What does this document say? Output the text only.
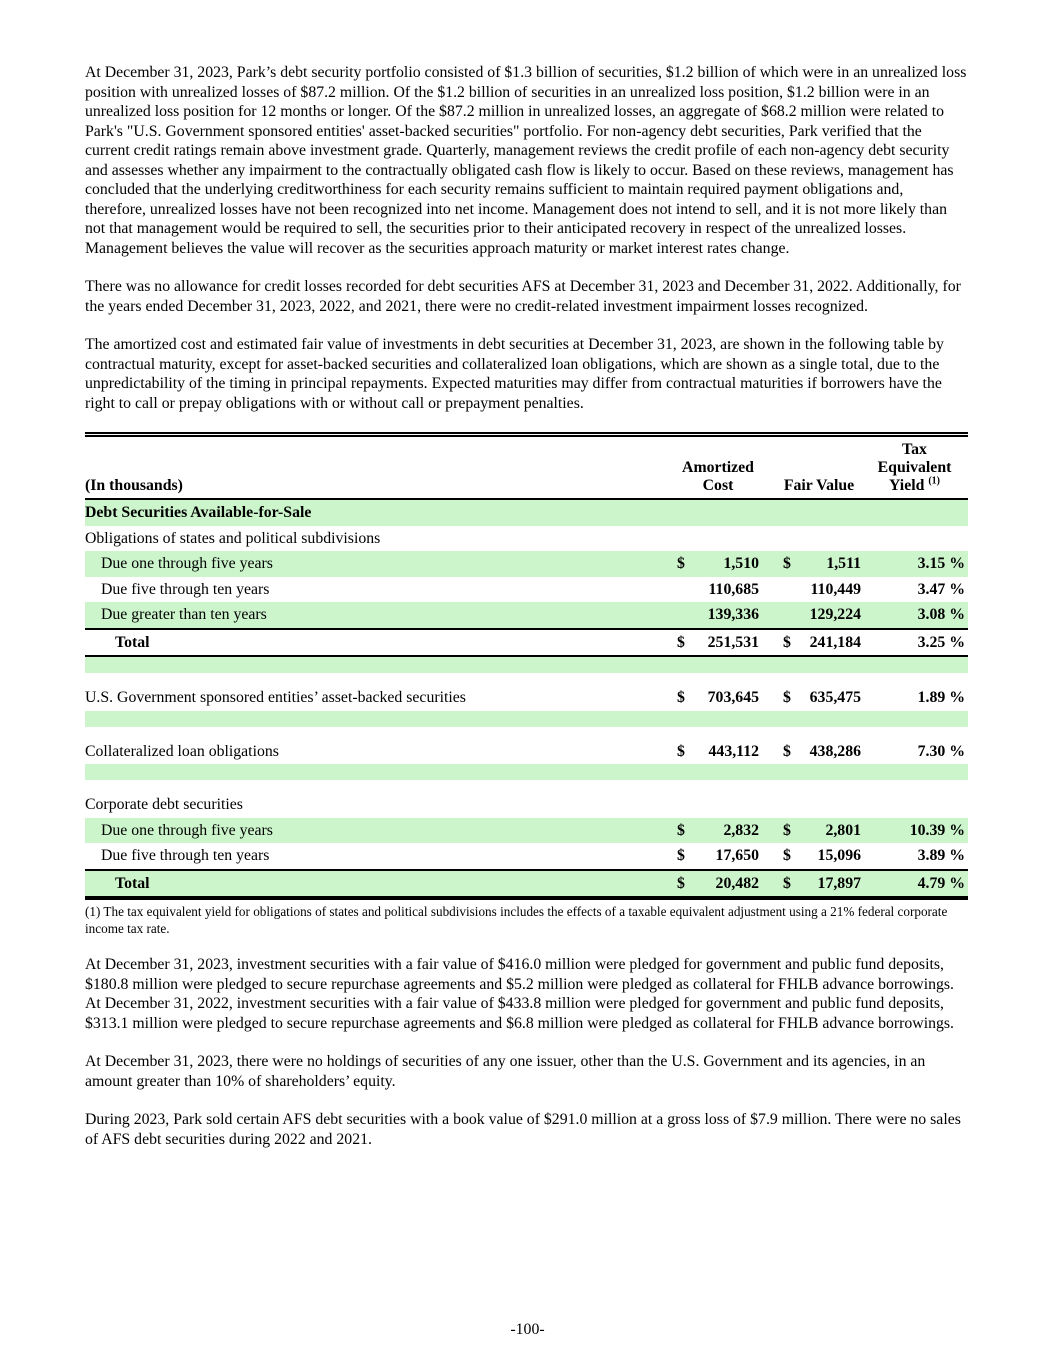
At December 31, 2023, Park’s debt security portfolio consisted of $1.3 billion of securities, $1.2 billion of which were in an unrealized loss position with unrealized losses of $87.2 million. Of the $1.2 billion of securities in an unrealized loss position, $1.2 billion were in an unrealized loss position for 12 months or longer. Of the $87.2 million in unrealized losses, an aggregate of $68.2 million were related to Park's "U.S. Government sponsored entities' asset-backed securities" portfolio. For non-agency debt securities, Park verified that the current credit ratings remain above investment grade. Quarterly, management reviews the credit profile of each non-agency debt security and assesses whether any impairment to the contractually obligated cash flow is likely to occur. Based on these reviews, management has concluded that the underlying creditworthiness for each security remains sufficient to maintain required payment obligations and, therefore, unrealized losses have not been recognized into net income. Management does not intend to sell, and it is not more likely than not that management would be required to sell, the securities prior to their anticipated recovery in respect of the unrealized losses. Management believes the value will recover as the securities approach maturity or market interest rates change.

There was no allowance for credit losses recorded for debt securities AFS at December 31, 2023 and December 31, 2022. Additionally, for the years ended December 31, 2023, 2022, and 2021, there were no credit-related investment impairment losses recognized.

The amortized cost and estimated fair value of investments in debt securities at December 31, 2023, are shown in the following table by contractual maturity, except for asset-backed securities and collateralized loan obligations, which are shown as a single total, due to the unpredictability of the timing in principal repayments. Expected maturities may differ from contractual maturities if borrowers have the right to call or prepay obligations with or without call or prepayment penalties.

(In thousands)	
Amortized
Cost	Fair Value	
Tax
Equivalent
Yield $^{(1)}$

Debt Securities Available-for-Sale					
Obligations of states and political subdivisions					
Due one through five years	$	1,510	$	1,511	3.15 %
Due five through ten years		110,685		110,449	3.47 %
Due greater than ten years		139,336		129,224	3.08 %
Total	$	251,531	$	241,184	3.25 %

U.S. Government sponsored entities’ asset-backed securities	$	703,645	$	635,475	1.89 %

Collateralized loan obligations	$	443,112	$	438,286	7.30 %

Corporate debt securities					
Due one through five years	$	2,832	$	2,801	10.39 %
Due five through ten years	$	17,650	$	15,096	3.89 %
Total	$	20,482	$	17,897	4.79 %
(1) The tax equivalent yield for obligations of states and political subdivisions includes the effects of a taxable equivalent adjustment using a 21% federal corporate income tax rate.

At December 31, 2023, investment securities with a fair value of $416.0 million were pledged for government and public fund deposits, $180.8 million were pledged to secure repurchase agreements and $5.2 million were pledged as collateral for FHLB advance borrowings. At December 31, 2022, investment securities with a fair value of $433.8 million were pledged for government and public fund deposits, $313.1 million were pledged to secure repurchase agreements and $6.8 million were pledged as collateral for FHLB advance borrowings.

At December 31, 2023, there were no holdings of securities of any one issuer, other than the U.S. Government and its agencies, in an amount greater than 10% of shareholders’ equity.

During 2023, Park sold certain AFS debt securities with a book value of $291.0 million at a gross loss of $7.9 million. There were no sales of AFS debt securities during 2022 and 2021.

-100-
